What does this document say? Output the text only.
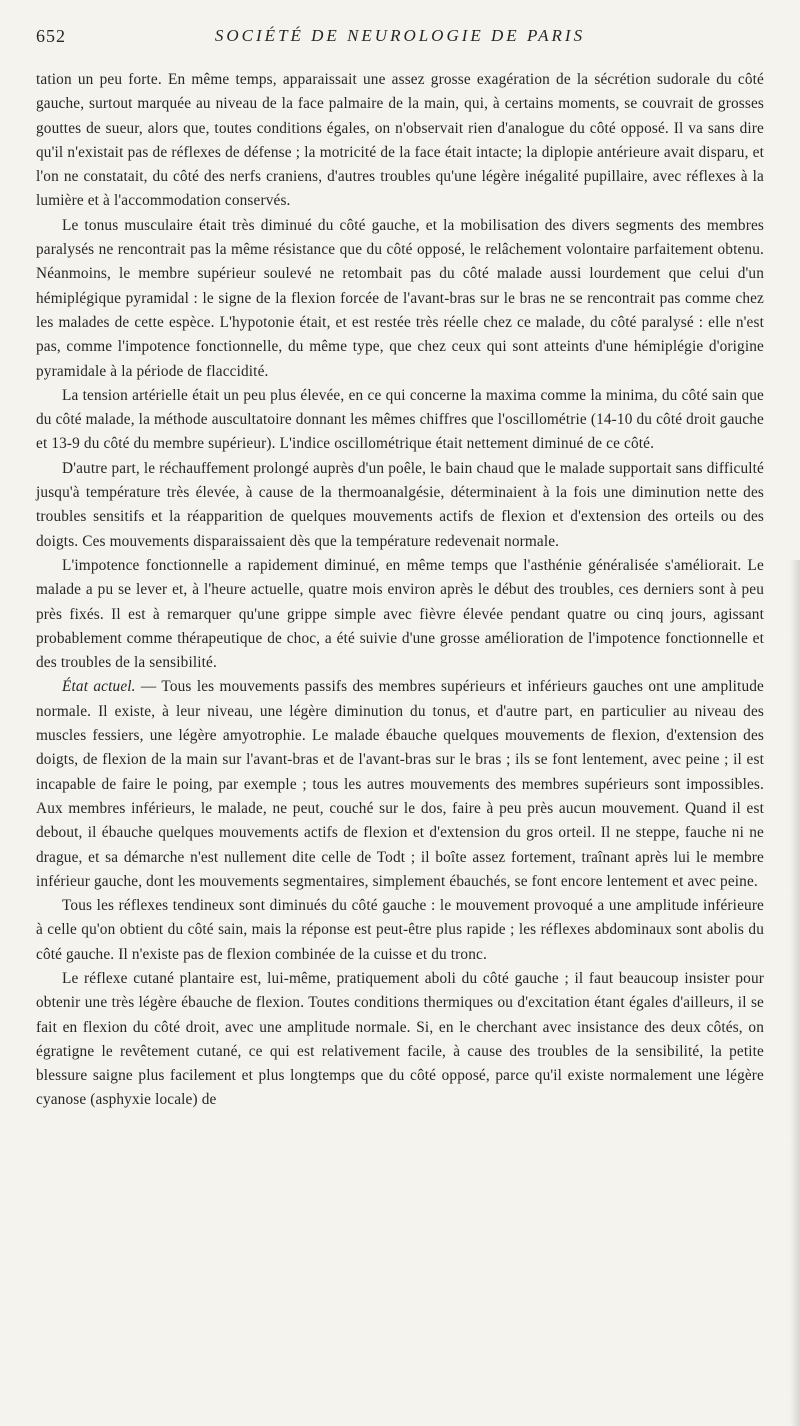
652	SOCIÉTÉ DE NEUROLOGIE DE PARIS

tation un peu forte. En même temps, apparaissait une assez grosse exagération de la sécrétion sudorale du côté gauche, surtout marquée au niveau de la face palmaire de la main, qui, à certains moments, se couvrait de grosses gouttes de sueur, alors que, toutes conditions égales, on n'observait rien d'analogue du côté opposé. Il va sans dire qu'il n'existait pas de réflexes de défense ; la motricité de la face était intacte; la diplopie antérieure avait disparu, et l'on ne constatait, du côté des nerfs craniens, d'autres troubles qu'une légère inégalité pupillaire, avec réflexes à la lumière et à l'accommodation conservés.

Le tonus musculaire était très diminué du côté gauche, et la mobilisation des divers segments des membres paralysés ne rencontrait pas la même résistance que du côté opposé, le relâchement volontaire parfaitement obtenu. Néanmoins, le membre supérieur soulevé ne retombait pas du côté malade aussi lourdement que celui d'un hémiplégique pyramidal : le signe de la flexion forcée de l'avant-bras sur le bras ne se rencontrait pas comme chez les malades de cette espèce. L'hypotonie était, et est restée très réelle chez ce malade, du côté paralysé : elle n'est pas, comme l'impotence fonctionnelle, du même type, que chez ceux qui sont atteints d'une hémiplégie d'origine pyramidale à la période de flaccidité.

La tension artérielle était un peu plus élevée, en ce qui concerne la maxima comme la minima, du côté sain que du côté malade, la méthode auscultatoire donnant les mêmes chiffres que l'oscillométrie (14-10 du côté droit gauche et 13-9 du côté du membre supérieur). L'indice oscillométrique était nettement diminué de ce côté.

D'autre part, le réchauffement prolongé auprès d'un poêle, le bain chaud que le malade supportait sans difficulté jusqu'à température très élevée, à cause de la thermoanalgésie, déterminaient à la fois une diminution nette des troubles sensitifs et la réapparition de quelques mouvements actifs de flexion et d'extension des orteils ou des doigts. Ces mouvements disparaissaient dès que la température redevenait normale.

L'impotence fonctionnelle a rapidement diminué, en même temps que l'asthénie généralisée s'améliorait. Le malade a pu se lever et, à l'heure actuelle, quatre mois environ après le début des troubles, ces derniers sont à peu près fixés. Il est à remarquer qu'une grippe simple avec fièvre élevée pendant quatre ou cinq jours, agissant probablement comme thérapeutique de choc, a été suivie d'une grosse amélioration de l'impotence fonctionnelle et des troubles de la sensibilité.

État actuel. — Tous les mouvements passifs des membres supérieurs et inférieurs gauches ont une amplitude normale. Il existe, à leur niveau, une légère diminution du tonus, et d'autre part, en particulier au niveau des muscles fessiers, une légère amyotrophie. Le malade ébauche quelques mouvements de flexion, d'extension des doigts, de flexion de la main sur l'avant-bras et de l'avant-bras sur le bras ; ils se font lentement, avec peine ; il est incapable de faire le poing, par exemple ; tous les autres mouvements des membres supérieurs sont impossibles. Aux membres inférieurs, le malade, ne peut, couché sur le dos, faire à peu près aucun mouvement. Quand il est debout, il ébauche quelques mouvements actifs de flexion et d'extension du gros orteil. Il ne steppe, fauche ni ne drague, et sa démarche n'est nullement dite celle de Todt ; il boîte assez fortement, traînant après lui le membre inférieur gauche, dont les mouvements segmentaires, simplement ébauchés, se font encore lentement et avec peine.

Tous les réflexes tendineux sont diminués du côté gauche : le mouvement provoqué a une amplitude inférieure à celle qu'on obtient du côté sain, mais la réponse est peut-être plus rapide ; les réflexes abdominaux sont abolis du côté gauche. Il n'existe pas de flexion combinée de la cuisse et du tronc.

Le réflexe cutané plantaire est, lui-même, pratiquement aboli du côté gauche ; il faut beaucoup insister pour obtenir une très légère ébauche de flexion. Toutes conditions thermiques ou d'excitation étant égales d'ailleurs, il se fait en flexion du côté droit, avec une amplitude normale. Si, en le cherchant avec insistance des deux côtés, on égratigne le revêtement cutané, ce qui est relativement facile, à cause des troubles de la sensibilité, la petite blessure saigne plus facilement et plus longtemps que du côté opposé, parce qu'il existe normalement une légère cyanose (asphyxie locale) de
